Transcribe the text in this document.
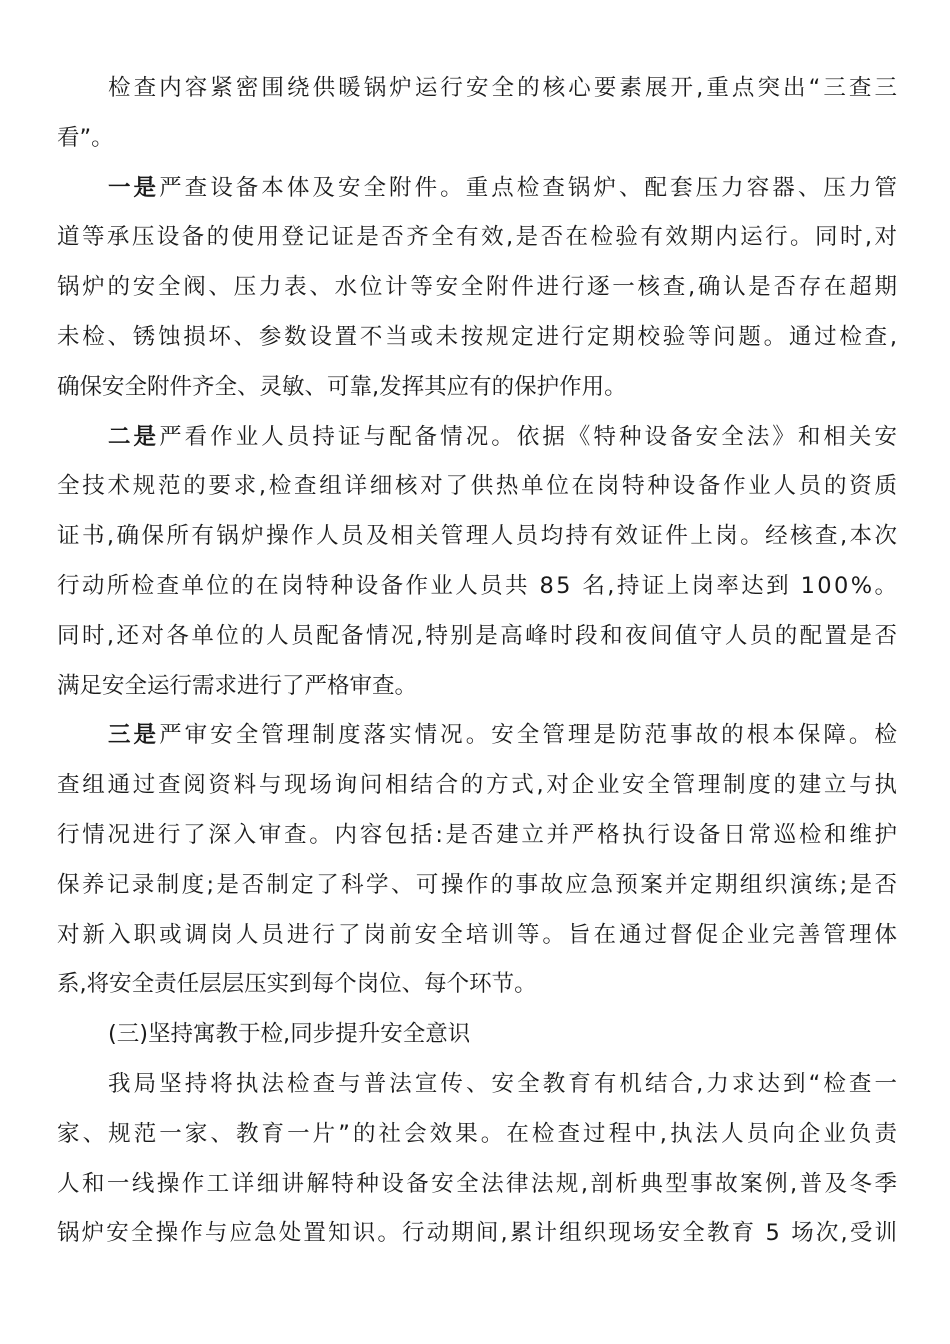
检查内容紧密围绕供暖锅炉运行安全的核心要素展开,重点突出“三查三
看”。
一是严查设备本体及安全附件。重点检查锅炉、配套压力容器、压力管
道等承压设备的使用登记证是否齐全有效,是否在检验有效期内运行。同时,对
锅炉的安全阀、压力表、水位计等安全附件进行逐一核查,确认是否存在超期
未检、锈蚀损坏、参数设置不当或未按规定进行定期校验等问题。通过检查,
确保安全附件齐全、灵敏、可靠,发挥其应有的保护作用。
二是严看作业人员持证与配备情况。依据《特种设备安全法》和相关安
全技术规范的要求,检查组详细核对了供热单位在岗特种设备作业人员的资质
证书,确保所有锅炉操作人员及相关管理人员均持有效证件上岗。经核查,本次
行动所检查单位的在岗特种设备作业人员共 85 名,持证上岗率达到 100%。
同时,还对各单位的人员配备情况,特别是高峰时段和夜间值守人员的配置是否
满足安全运行需求进行了严格审查。
三是严审安全管理制度落实情况。安全管理是防范事故的根本保障。检
查组通过查阅资料与现场询问相结合的方式,对企业安全管理制度的建立与执
行情况进行了深入审查。内容包括:是否建立并严格执行设备日常巡检和维护
保养记录制度;是否制定了科学、可操作的事故应急预案并定期组织演练;是否
对新入职或调岗人员进行了岗前安全培训等。旨在通过督促企业完善管理体
系,将安全责任层层压实到每个岗位、每个环节。
(三)坚持寓教于检,同步提升安全意识
我局坚持将执法检查与普法宣传、安全教育有机结合,力求达到“检查一
家、规范一家、教育一片”的社会效果。在检查过程中,执法人员向企业负责
人和一线操作工详细讲解特种设备安全法律法规,剖析典型事故案例,普及冬季
锅炉安全操作与应急处置知识。行动期间,累计组织现场安全教育 5 场次,受训
